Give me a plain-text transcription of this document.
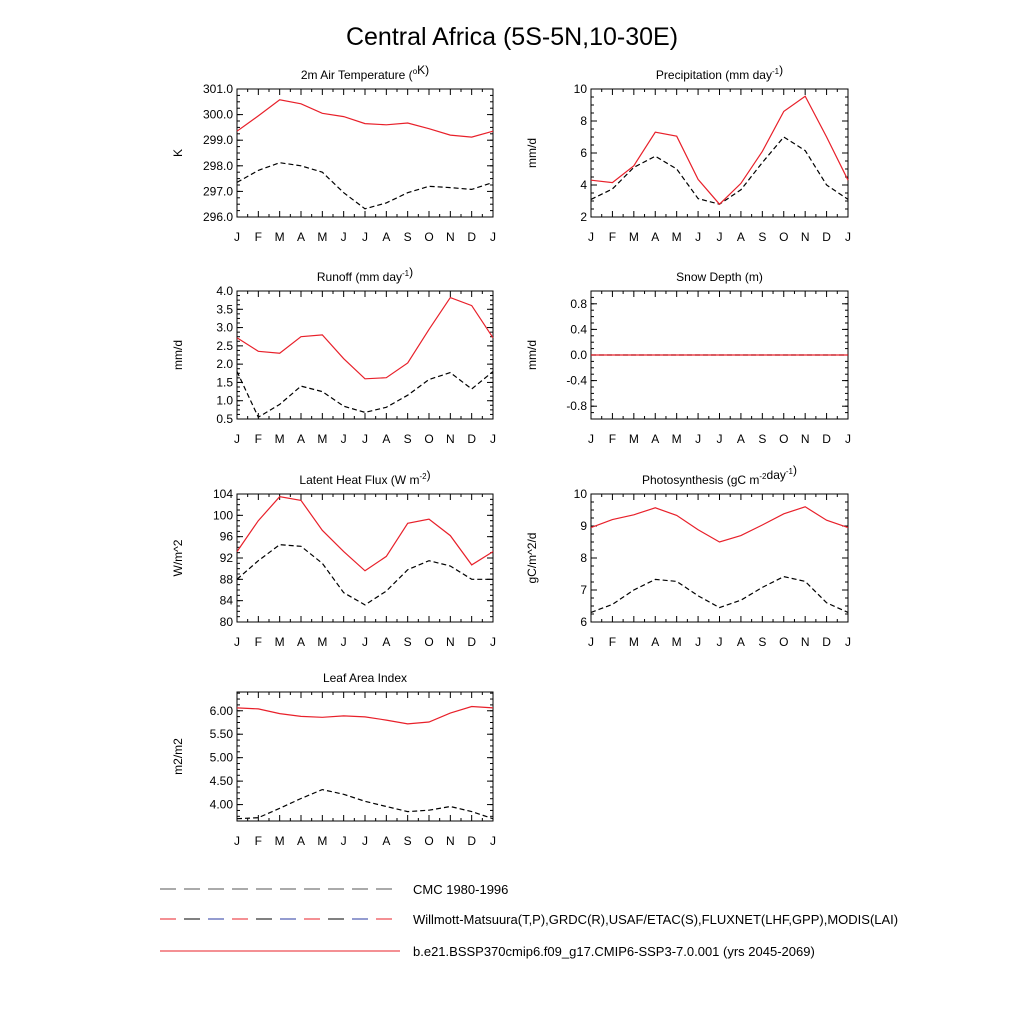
Central Africa (5S-5N,10-30E)
2m Air Temperature ($^o$K)
K
J F M A M J J A S O N D J
296.0
297.0
298.0
299.0
300.0
301.0
Precipitation (mm day$^{-1}$)
mm/d
J F M A M J J A S O N D J
2
4
6
8
10
Runoff (mm day$^{-1}$)
mm/d
J F M A M J J A S O N D J
0.5
1.0
1.5
2.0
2.5
3.0
3.5
4.0
Snow Depth (m)
mm/d
J F M A M J J A S O N D J
-0.8
-0.4
0.0
0.4
0.8
Latent Heat Flux (W $m^{-2}$)
W/m^2
J F M A M J J A S O N D J
80
84
88
92
96
100
104
Photosynthesis (gC $m^{-2}day^{-1}$)
gC/m^2/d
J F M A M J J A S O N D J
6
7
8
9
10
Leaf Area Index
m2/m2
J F M A M J J A S O N D J
4.00
4.50
5.00
5.50
6.00
CMC 1980-1996
Willmott-Matsuura(T,P),GRDC(R),USAF/ETAC(S),FLUXNET(LHF,GPP),MODIS(LAI)
b.e21.BSSP370cmip6.f09_g17.CMIP6-SSP3-7.0.001 (yrs 2045-2069)
